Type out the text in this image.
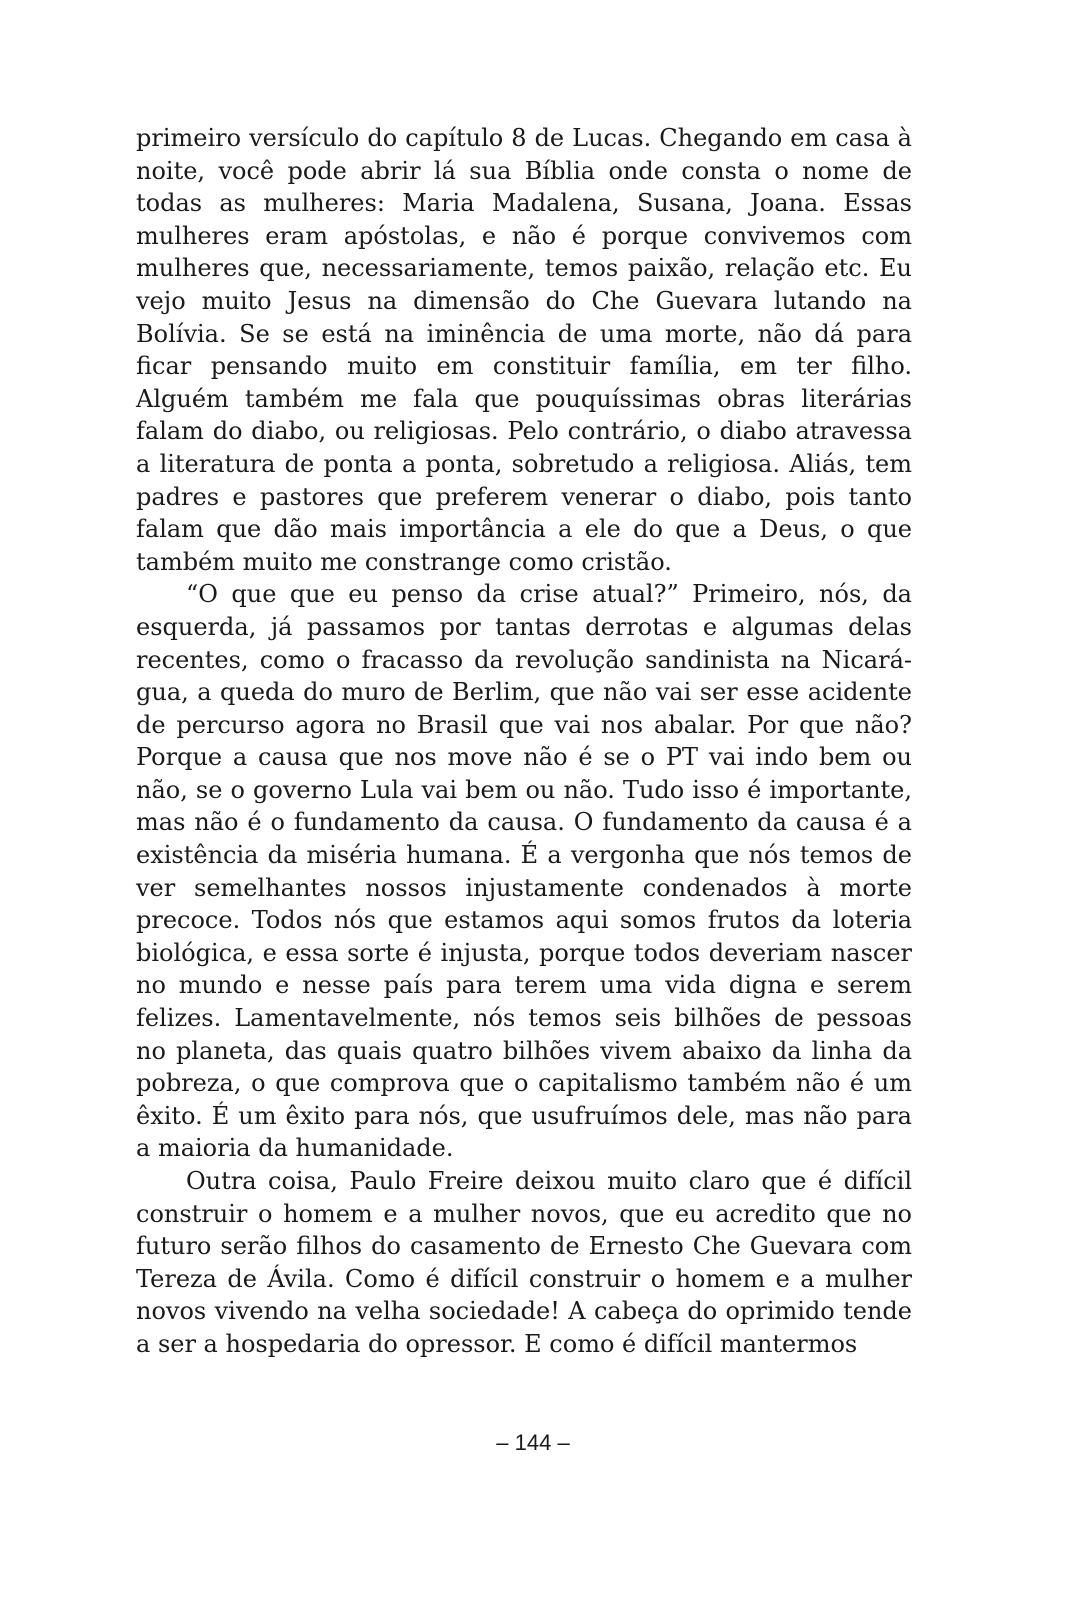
primeiro versículo do capítulo 8 de Lucas. Chegando em casa à noite, você pode abrir lá sua Bíblia onde consta o nome de todas as mulheres: Maria Madalena, Susana, Joana. Essas mulheres eram apóstolas, e não é porque convivemos com mulheres que, necessariamente, temos paixão, relação etc. Eu vejo muito Jesus na dimensão do Che Guevara lutando na Bolívia. Se se está na iminência de uma morte, não dá para ficar pensando muito em constituir família, em ter filho. Alguém também me fala que pouquíssimas obras literárias falam do diabo, ou religiosas. Pelo contrário, o diabo atravessa a literatura de ponta a ponta, sobretudo a religiosa. Aliás, tem padres e pastores que preferem venerar o diabo, pois tanto falam que dão mais importância a ele do que a Deus, o que também muito me constrange como cristão.

“O que que eu penso da crise atual?” Primeiro, nós, da esquerda, já passamos por tantas derrotas e algumas delas recentes, como o fracasso da revolução sandinista na Nicarágua, a queda do muro de Berlim, que não vai ser esse acidente de percurso agora no Brasil que vai nos abalar. Por que não? Porque a causa que nos move não é se o PT vai indo bem ou não, se o governo Lula vai bem ou não. Tudo isso é importante, mas não é o fundamento da causa. O fundamento da causa é a existência da miséria humana. É a vergonha que nós temos de ver semelhantes nossos injustamente condenados à morte precoce. Todos nós que estamos aqui somos frutos da loteria biológica, e essa sorte é injusta, porque todos deveriam nascer no mundo e nesse país para terem uma vida digna e serem felizes. Lamentavelmente, nós temos seis bilhões de pessoas no planeta, das quais quatro bilhões vivem abaixo da linha da pobreza, o que comprova que o capitalismo também não é um êxito. É um êxito para nós, que usufruímos dele, mas não para a maioria da humanidade.

Outra coisa, Paulo Freire deixou muito claro que é difícil construir o homem e a mulher novos, que eu acredito que no futuro serão filhos do casamento de Ernesto Che Guevara com Tereza de Ávila. Como é difícil construir o homem e a mulher novos vivendo na velha sociedade! A cabeça do oprimido tende a ser a hospedaria do opressor. E como é difícil mantermos

– 144 –
